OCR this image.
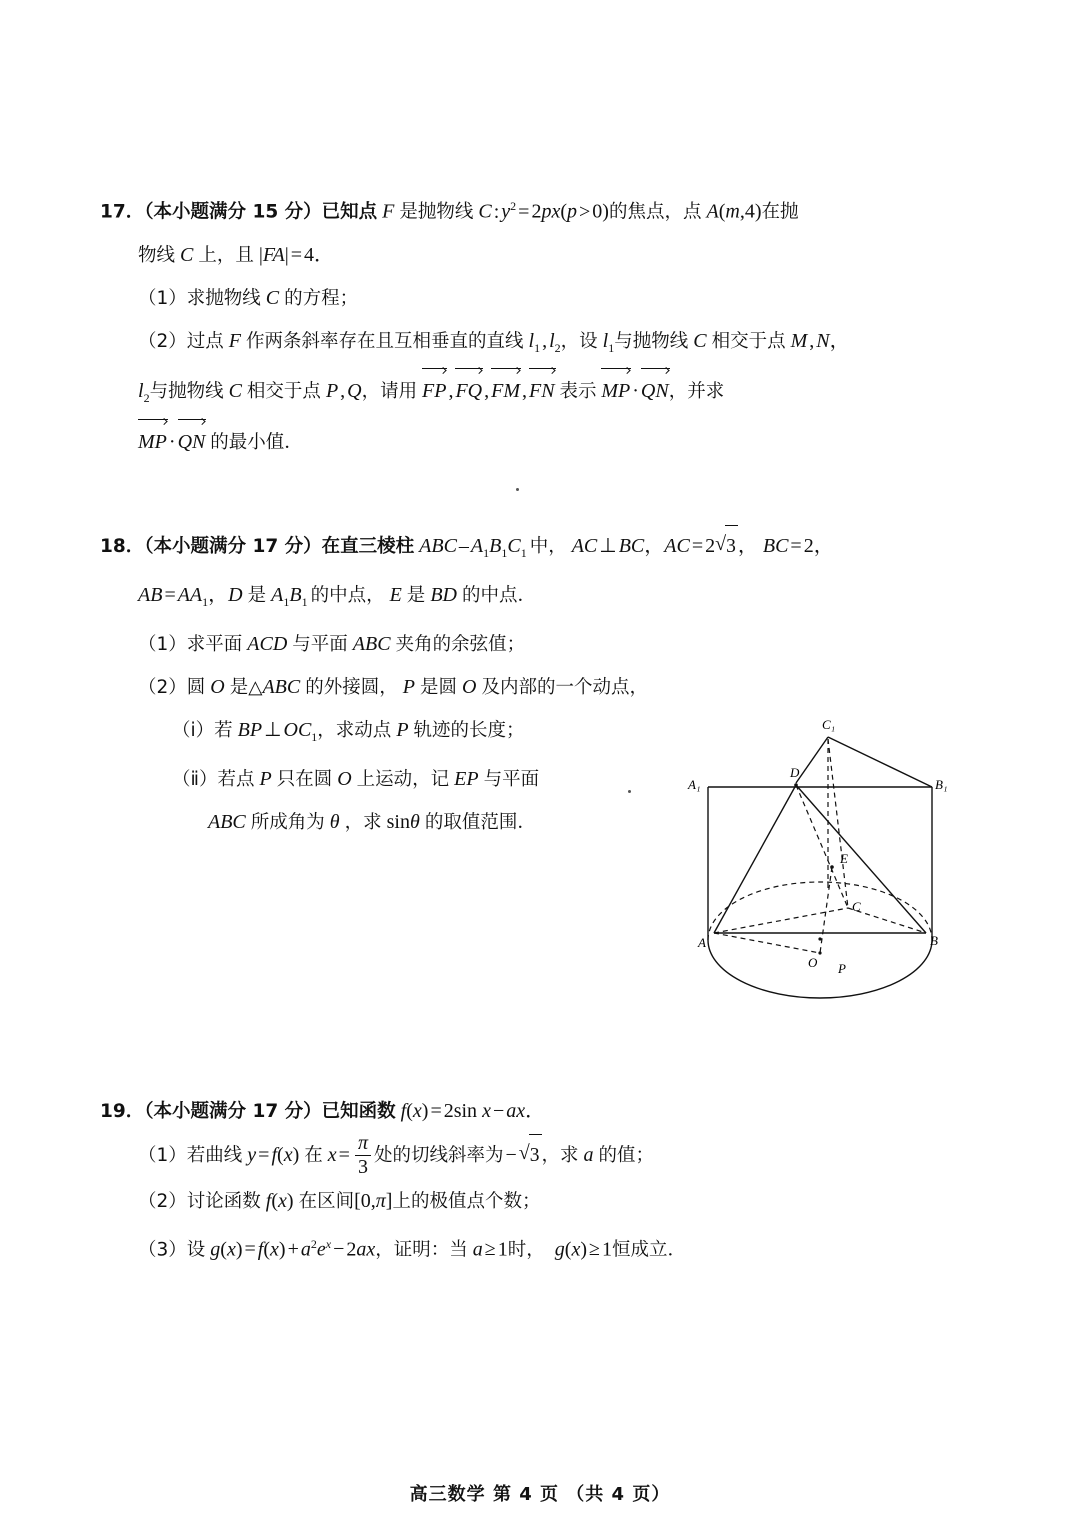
17．（本小题满分 15 分）已知点 F 是抛物线 C : $y^2 = 2px(p > 0)$的焦点，点 A(m,4)在抛
物线 C 上，且 |FA| = 4．
（1）求抛物线 C 的方程；
（2）过点 F 作两条斜率存在且互相垂直的直线 $l_1$ , $l_2$，设 $l_1$与抛物线 C 相交于点 M , N，
$l_2$与抛物线 C 相交于点 P , Q，请用 FP , FQ , FM , FN 表示 MP · QN，并求
MP · QN 的最小值．
18．（本小题满分 17 分）在直三棱柱 ABC – $A_1B_1C_1$ 中， AC ⊥ BC，AC = 2 √ 3 ， BC = 2，
AB = $AA_1$，D 是 $A_1B_1$ 的中点， E 是 BD 的中点．
（1）求平面 ACD 与平面 ABC 夹角的余弦值；
（2）圆 O 是△ABC 的外接圆， P 是圆 O 及内部的一个动点，
（ⅰ）若 BP ⊥ $OC_1$，求动点 P 轨迹的长度；
（ⅱ）若点 P 只在圆 O 上运动，记 EP 与平面
ABC 所成角为 θ ，求 sinθ 的取值范围．
19．（本小题满分 17 分）已知函数 f(x) = 2sin x − ax．
（1）若曲线 y = f(x) 在 $x = \frac{\pi}{3}$ 处的切线斜率为 − √ 3 ，求 a 的值；
（2）讨论函数 f(x) 在区间[0,π]上的极值点个数；
（3）设 $g(x) = f(x) + a^2e^x - 2ax$，证明：当 a ≥ 1时，  g(x) ≥ 1恒成立．
C₁
D
A₁	B₁
E
C
A	B
O P
高三数学 第 4 页 （共 4 页）
